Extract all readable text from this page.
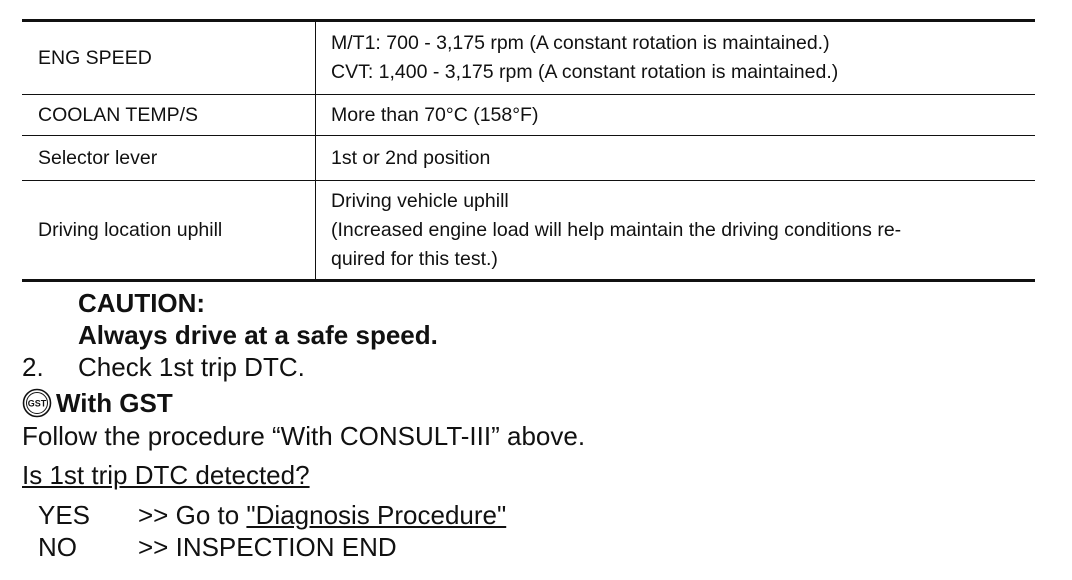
ENG SPEED	M/T1: 700 - 3,175 rpm (A constant rotation is maintained.)
CVT: 1,400 - 3,175 rpm (A constant rotation is maintained.)

COOLAN TEMP/S	More than 70°C (158°F)

Selector lever	1st or 2nd position

Driving location uphill	Driving vehicle uphill
(Increased engine load will help maintain the driving conditions re-
quired for this test.)
CAUTION:
Always drive at a safe speed.
2. Check 1st trip DTC.
GST With GST
Follow the procedure “With CONSULT-III” above.
Is 1st trip DTC detected?
YES	>> Go to "Diagnosis Procedure"
NO	>> INSPECTION END
